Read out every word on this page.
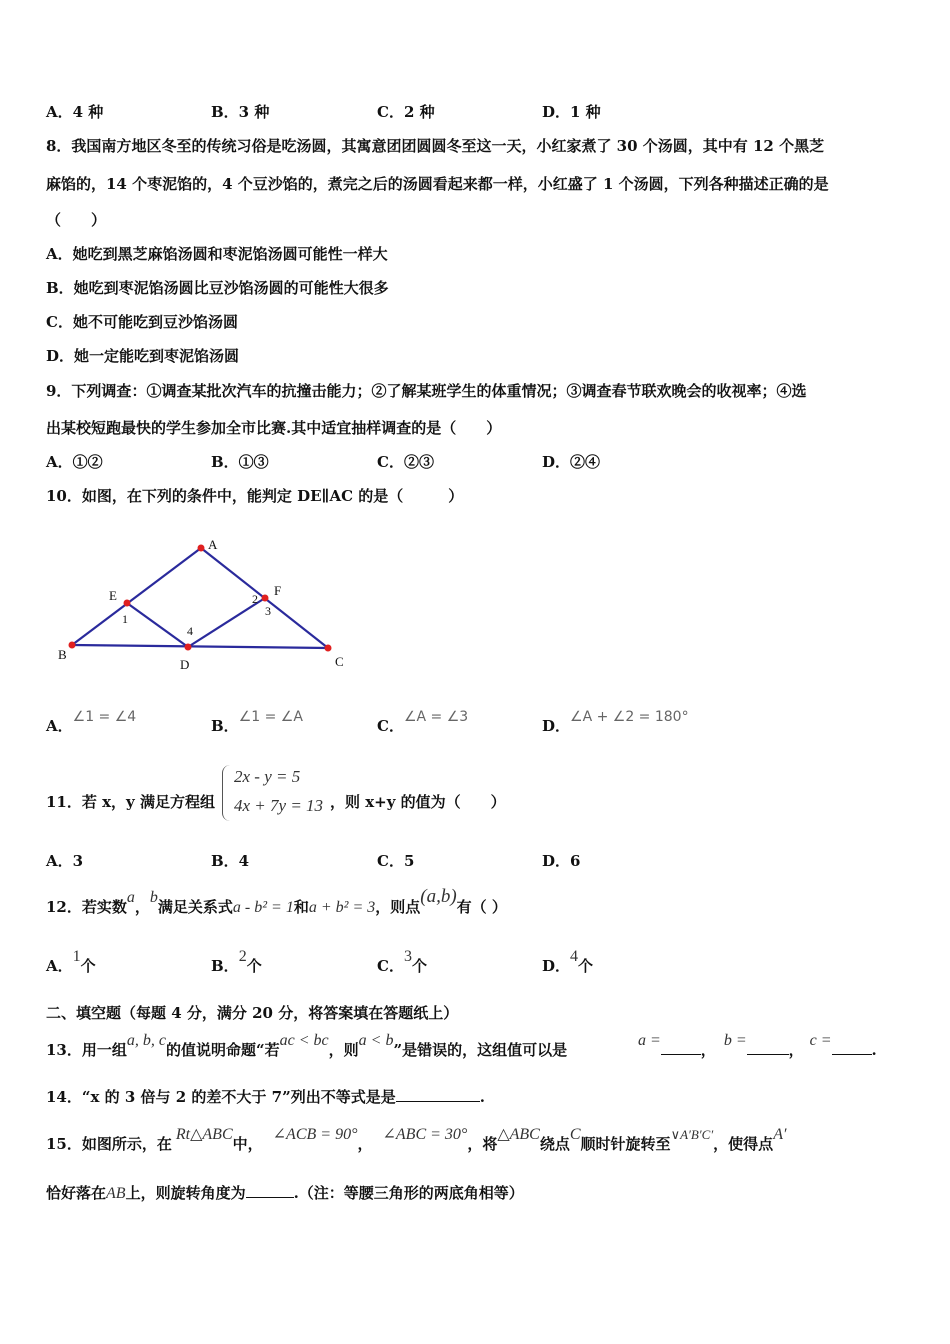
A．4 种	B．3 种	C．2 种	D．1 种
8．我国南方地区冬至的传统习俗是吃汤圆，其寓意团团圆圆冬至这一天，小红家煮了 30 个汤圆，其中有 12 个黑芝
麻馅的，14 个枣泥馅的，4 个豆沙馅的，煮完之后的汤圆看起来都一样，小红盛了 1 个汤圆，下列各种描述正确的是
（　　）
A．她吃到黑芝麻馅汤圆和枣泥馅汤圆可能性一样大
B．她吃到枣泥馅汤圆比豆沙馅汤圆的可能性大很多
C．她不可能吃到豆沙馅汤圆
D．她一定能吃到枣泥馅汤圆
9．下列调查：①调查某批次汽车的抗撞击能力；②了解某班学生的体重情况；③调查春节联欢晚会的收视率；④选
出某校短跑最快的学生参加全市比赛.其中适宜抽样调查的是（　　）
A．①②	B．①③	C．②③	D．②④
10．如图，在下列的条件中，能判定 DE∥AC 的是（　　　）
A
B	C
D
E	F
1
2
3
4
A．∠1 = ∠4	B．∠1 = ∠A	C．∠A = ∠3	D．∠A + ∠2 = 180°
11．若 x，y 满足方程组
2x - y = 5
4x + 7y = 13 ，则 x+y 的值为（　　）
A．3	B．4	C．5	D．6
12．若实数a，b满足关系式a - b² = 1和a + b² = 3，则点(a,b)有（ ）
A．1个	B．2个	C．3个	D．4个
二、填空题（每题 4 分，满分 20 分，将答案填在答题纸上）
13．用一组a, b, c的值说明命题“若ac < bc，则a < b”是错误的，这组值可以是
a =，b =，c =.
14．“x 的 3 倍与 2 的差不大于 7”列出不等式是是	.
15．如图所示，在Rt△ABC中，∠ACB = 90°，∠ABC = 30°，将△ABC绕点C顺时针旋转至∨A′B′C′，使得点A′
恰好落在AB上，则旋转角度为	.（注：等腰三角形的两底角相等）
